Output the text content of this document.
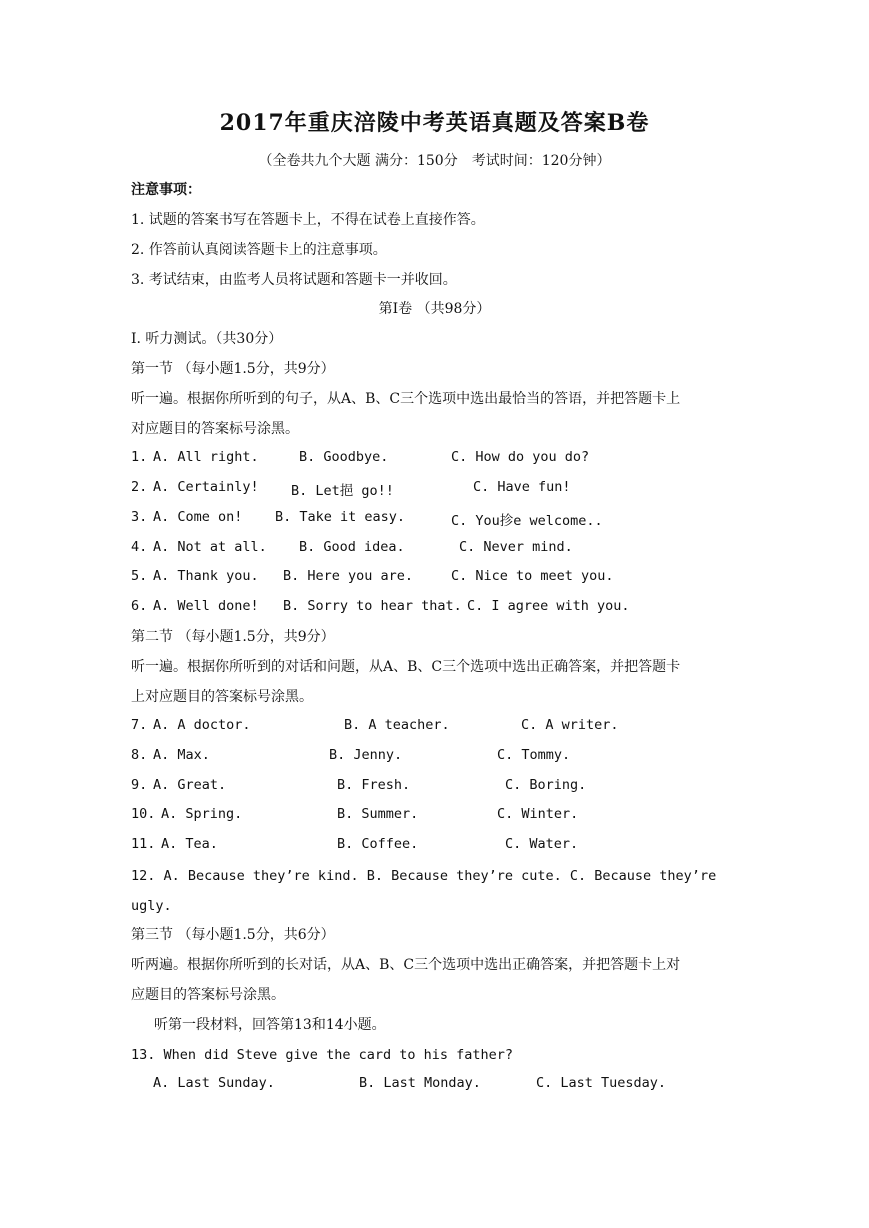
2017年重庆涪陵中考英语真题及答案B卷
（全卷共九个大题 满分：150分　考试时间：120分钟）
注意事项：
1. 试题的答案书写在答题卡上，不得在试卷上直接作答。
2. 作答前认真阅读答题卡上的注意事项。
3. 考试结束，由监考人员将试题和答题卡一并收回。
第Ⅰ卷 （共98分）
I. 听力测试。（共30分）
第一节 （每小题1.5分，共9分）
听一遍。根据你所听到的句子，从A、B、C三个选项中选出最恰当的答语，并把答题卡上
对应题目的答案标号涂黑。
1. A. All right.	B. Goodbye.	C. How do you do?
2. A. Certainly! B. Let挹 go!!	C. Have fun!
3. A. Come on! B. Take it easy.	C. You抮e welcome..
4. A. Not at all. B. Good idea.	C. Never mind.
5. A. Thank you. B. Here you are.	C. Nice to meet you.
6. A. Well done! B. Sorry to hear that. C. I agree with you.
第二节 （每小题1.5分，共9分）
听一遍。根据你所听到的对话和问题，从A、B、C三个选项中选出正确答案，并把答题卡
上对应题目的答案标号涂黑。
7. A. A doctor.	B. A teacher.	C. A writer.
8. A. Max.	B. Jenny.	C. Tommy.
9. A. Great.	B. Fresh.	C. Boring.
10. A. Spring.	B. Summer.	C. Winter.
11. A. Tea.	B. Coffee.	C. Water.
12. A. Because they’re kind. B. Because they’re cute. C. Because they’re
ugly.
第三节 （每小题1.5分，共6分）
听两遍。根据你所听到的长对话，从A、B、C三个选项中选出正确答案，并把答题卡上对
应题目的答案标号涂黑。
听第一段材料，回答第13和14小题。
13. When did Steve give the card to his father?
A. Last Sunday.	B. Last Monday.	C. Last Tuesday.
